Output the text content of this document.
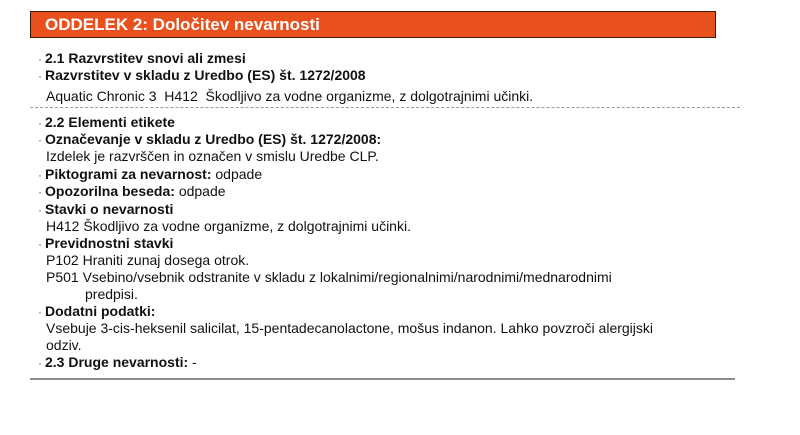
ODDELEK 2: Določitev nevarnosti
· 2.1 Razvrstitev snovi ali zmesi
· Razvrstitev v skladu z Uredbo (ES) št. 1272/2008
Aquatic Chronic 3 H412 Škodljivo za vodne organizme, z dolgotrajnimi učinki.
· 2.2 Elementi etikete
· Označevanje v skladu z Uredbo (ES) št. 1272/2008:
Izdelek je razvrščen in označen v smislu Uredbe CLP.
· Piktogrami za nevarnost: odpade
· Opozorilna beseda: odpade
· Stavki o nevarnosti
H412 Škodljivo za vodne organizme, z dolgotrajnimi učinki.
· Previdnostni stavki
P102 Hraniti zunaj dosega otrok.
P501 Vsebino/vsebnik odstranite v skladu z lokalnimi/regionalnimi/narodnimi/mednarodnimi
predpisi.
· Dodatni podatki:
Vsebuje 3-cis-heksenil salicilat, 15-pentadecanolactone, mošus indanon. Lahko povzroči alergijski
odziv.
· 2.3 Druge nevarnosti: -
